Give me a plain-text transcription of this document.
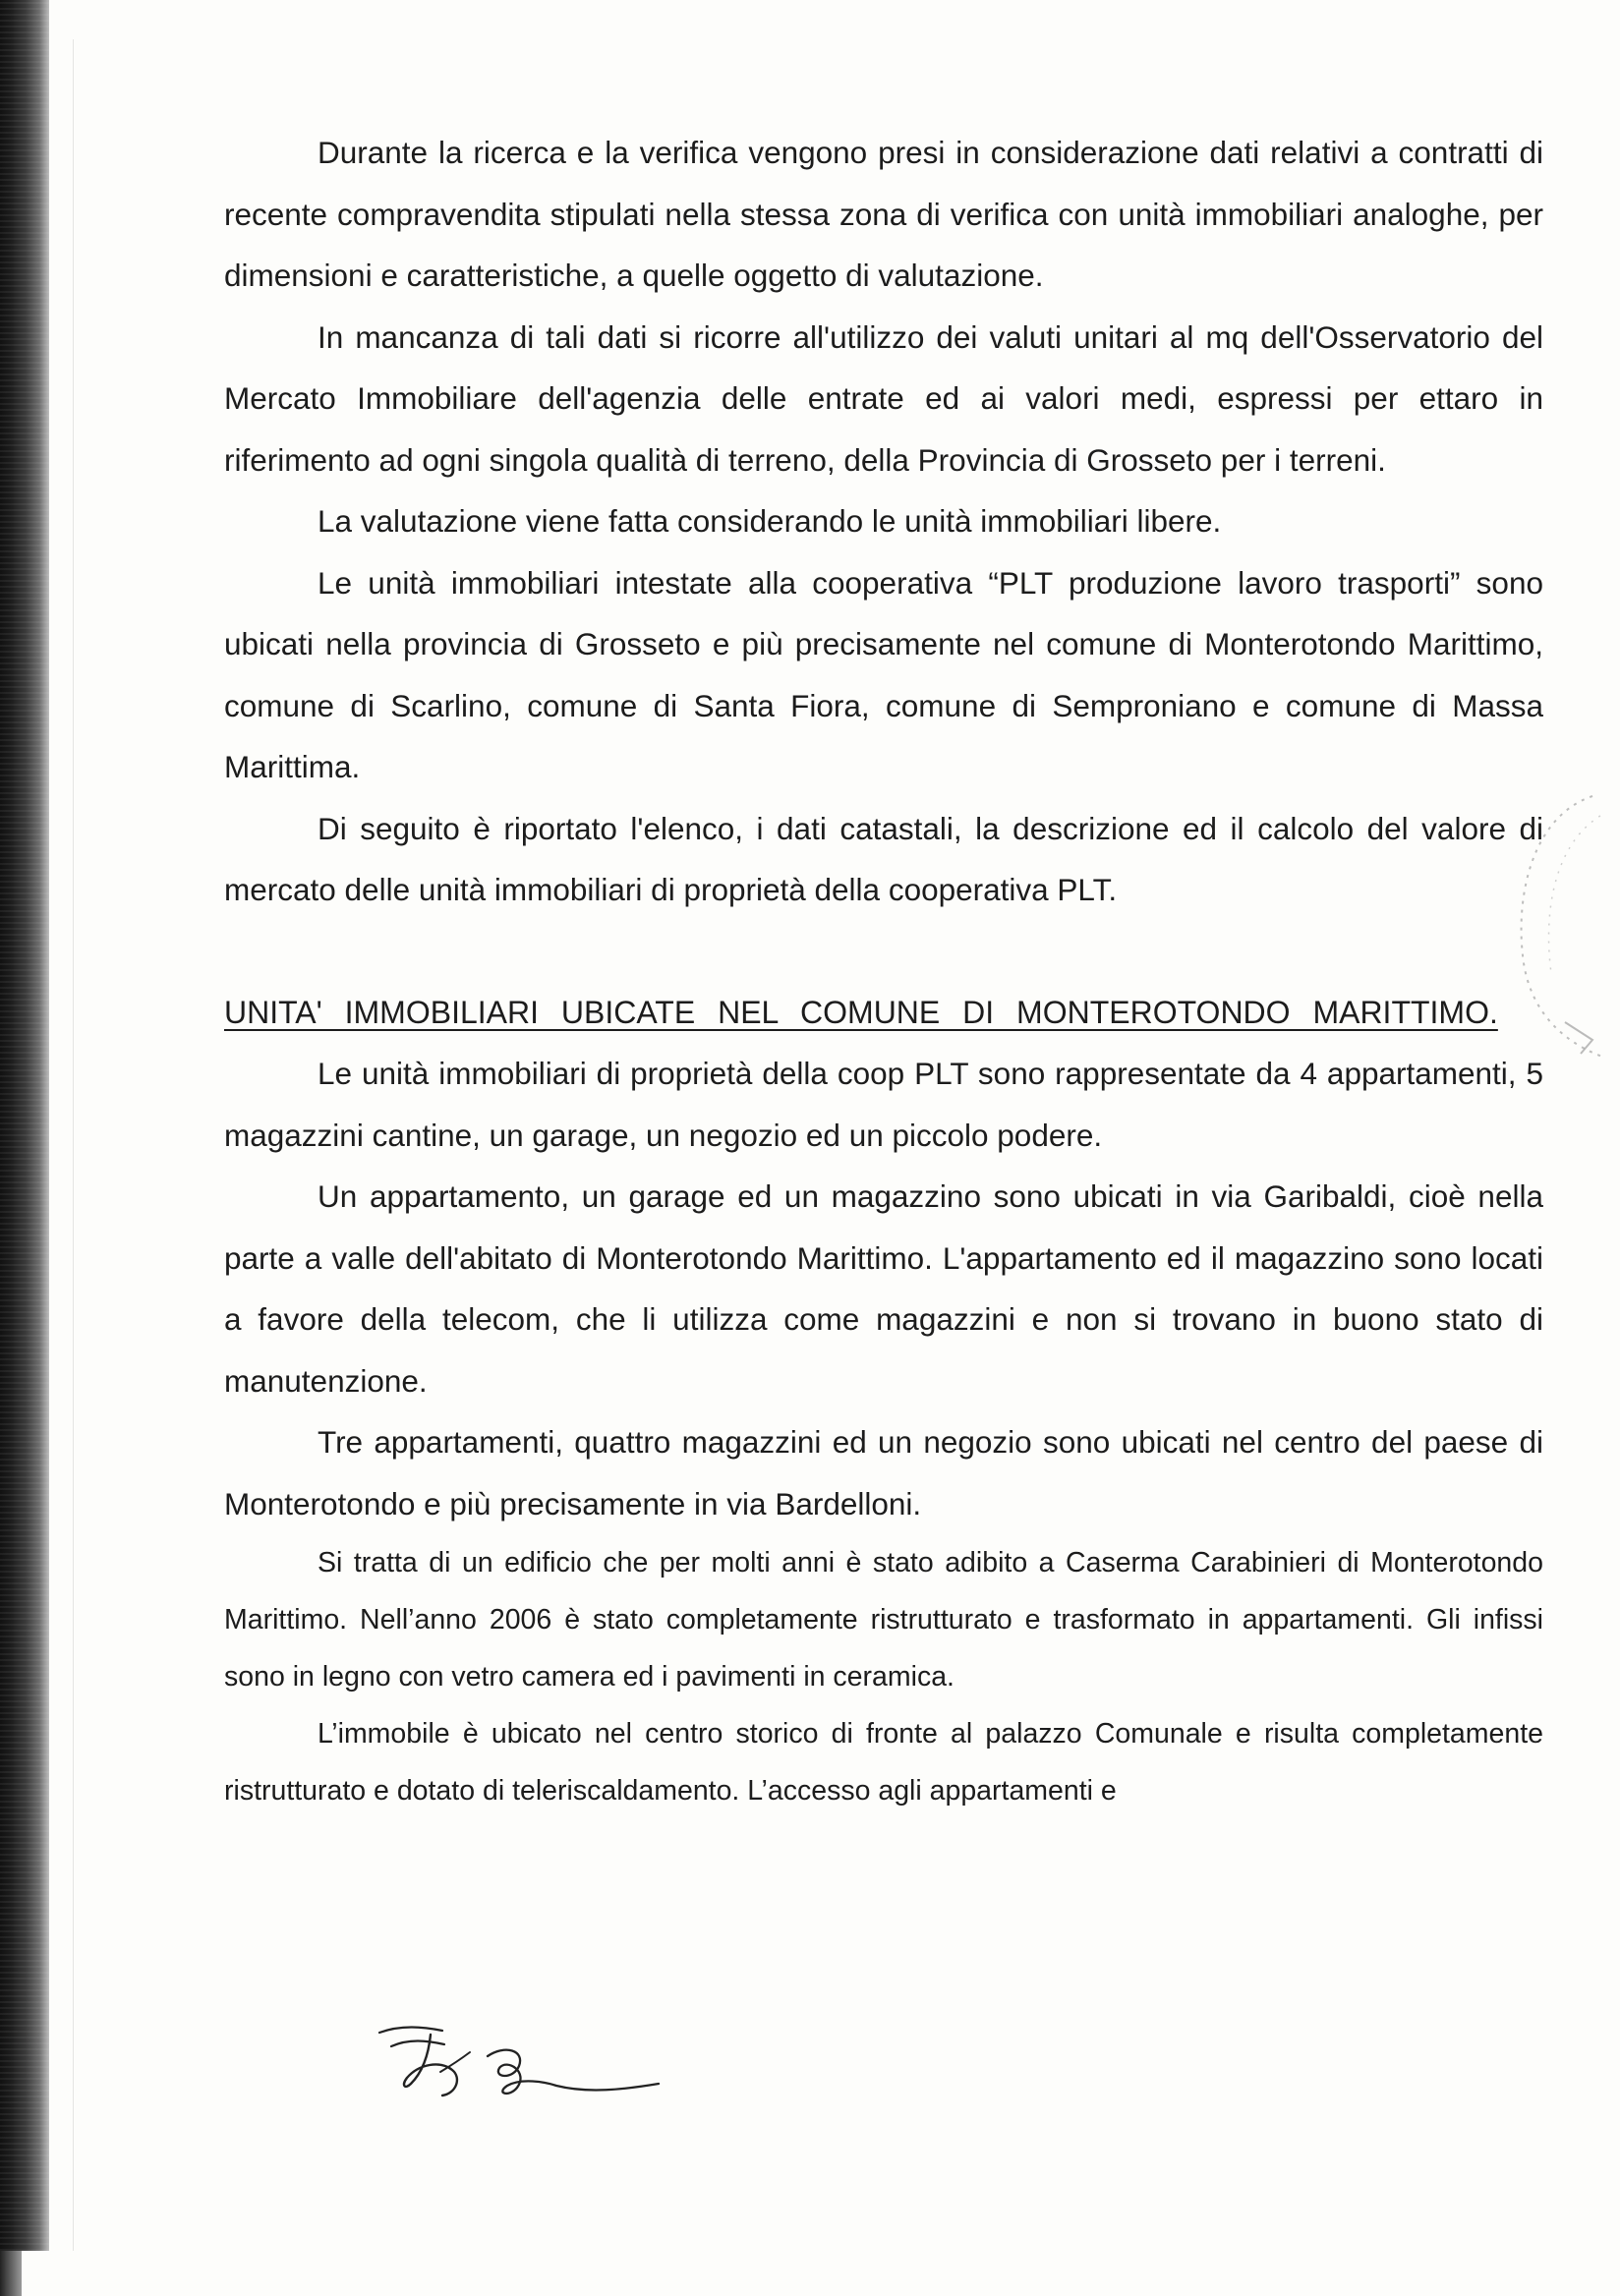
Durante la ricerca e la verifica vengono presi in considerazione dati relativi a contratti di recente compravendita stipulati nella stessa zona di verifica con unità immobiliari analoghe, per dimensioni e caratteristiche, a quelle oggetto di valutazione.

In mancanza di tali dati si ricorre all'utilizzo dei valuti unitari al mq dell'Osservatorio del Mercato Immobiliare dell'agenzia delle entrate ed ai valori medi, espressi per ettaro in riferimento ad ogni singola qualità di terreno, della Provincia di Grosseto per i terreni.

La valutazione viene fatta considerando le unità immobiliari libere.

Le unità immobiliari intestate alla cooperativa “PLT produzione lavoro trasporti” sono ubicati nella provincia di Grosseto e più precisamente nel comune di Monterotondo Marittimo, comune di Scarlino, comune di Santa Fiora, comune di Semproniano e comune di Massa Marittima.

Di seguito è riportato l'elenco, i dati catastali, la descrizione ed il calcolo del valore di mercato delle unità immobiliari di proprietà della cooperativa PLT.

UNITA' IMMOBILIARI UBICATE NEL COMUNE DI MONTEROTONDO MARITTIMO.

Le unità immobiliari di proprietà della coop PLT sono rappresentate da 4 appartamenti, 5 magazzini cantine, un garage, un negozio ed un piccolo podere.

Un appartamento, un garage ed un magazzino sono ubicati in via Garibaldi, cioè nella parte a valle dell'abitato di Monterotondo Marittimo. L'appartamento ed il magazzino sono locati a favore della telecom, che li utilizza come magazzini e non si trovano in buono stato di manutenzione.

Tre appartamenti, quattro magazzini ed un negozio sono ubicati nel centro del paese di Monterotondo e più precisamente in via Bardelloni.

Si tratta di un edificio che per molti anni è stato adibito a Caserma Carabinieri di Monterotondo Marittimo. Nell’anno 2006 è stato completamente ristrutturato e trasformato in appartamenti. Gli infissi sono in legno con vetro camera ed i pavimenti in ceramica.

L’immobile è ubicato nel centro storico di fronte al palazzo Comunale e risulta completamente ristrutturato e dotato di teleriscaldamento. L’accesso agli appartamenti e
